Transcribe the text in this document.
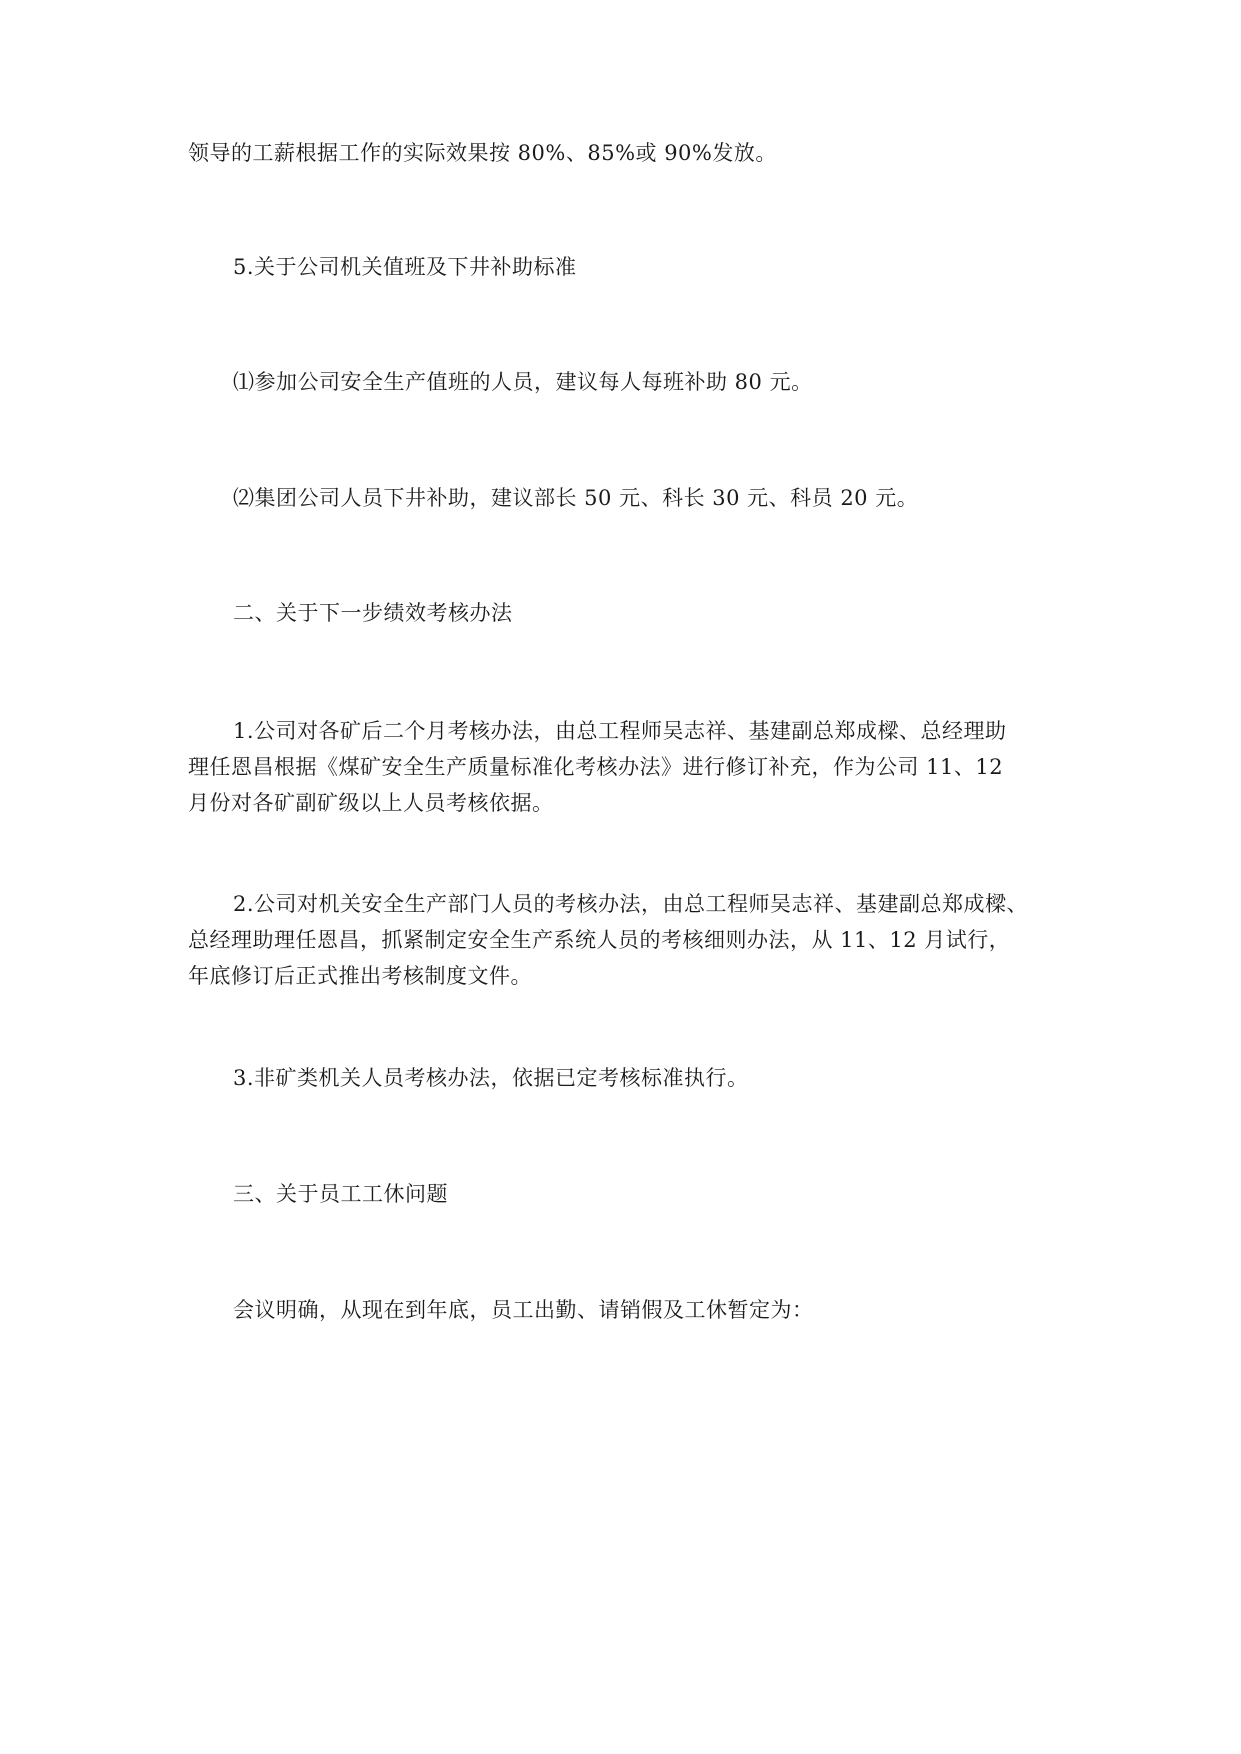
领导的工薪根据工作的实际效果按 80%、85%或 90%发放。

5.关于公司机关值班及下井补助标准

⑴参加公司安全生产值班的人员，建议每人每班补助 80 元。

⑵集团公司人员下井补助，建议部长 50 元、科长 30 元、科员 20 元。

二、关于下一步绩效考核办法

1.公司对各矿后二个月考核办法，由总工程师吴志祥、基建副总郑成樑、总经理助
理任恩昌根据《煤矿安全生产质量标准化考核办法》进行修订补充，作为公司 11、12
月份对各矿副矿级以上人员考核依据。

2.公司对机关安全生产部门人员的考核办法，由总工程师吴志祥、基建副总郑成樑、
总经理助理任恩昌，抓紧制定安全生产系统人员的考核细则办法，从 11、12 月试行，
年底修订后正式推出考核制度文件。

3.非矿类机关人员考核办法，依据已定考核标准执行。

三、关于员工工休问题

会议明确，从现在到年底，员工出勤、请销假及工休暂定为：
